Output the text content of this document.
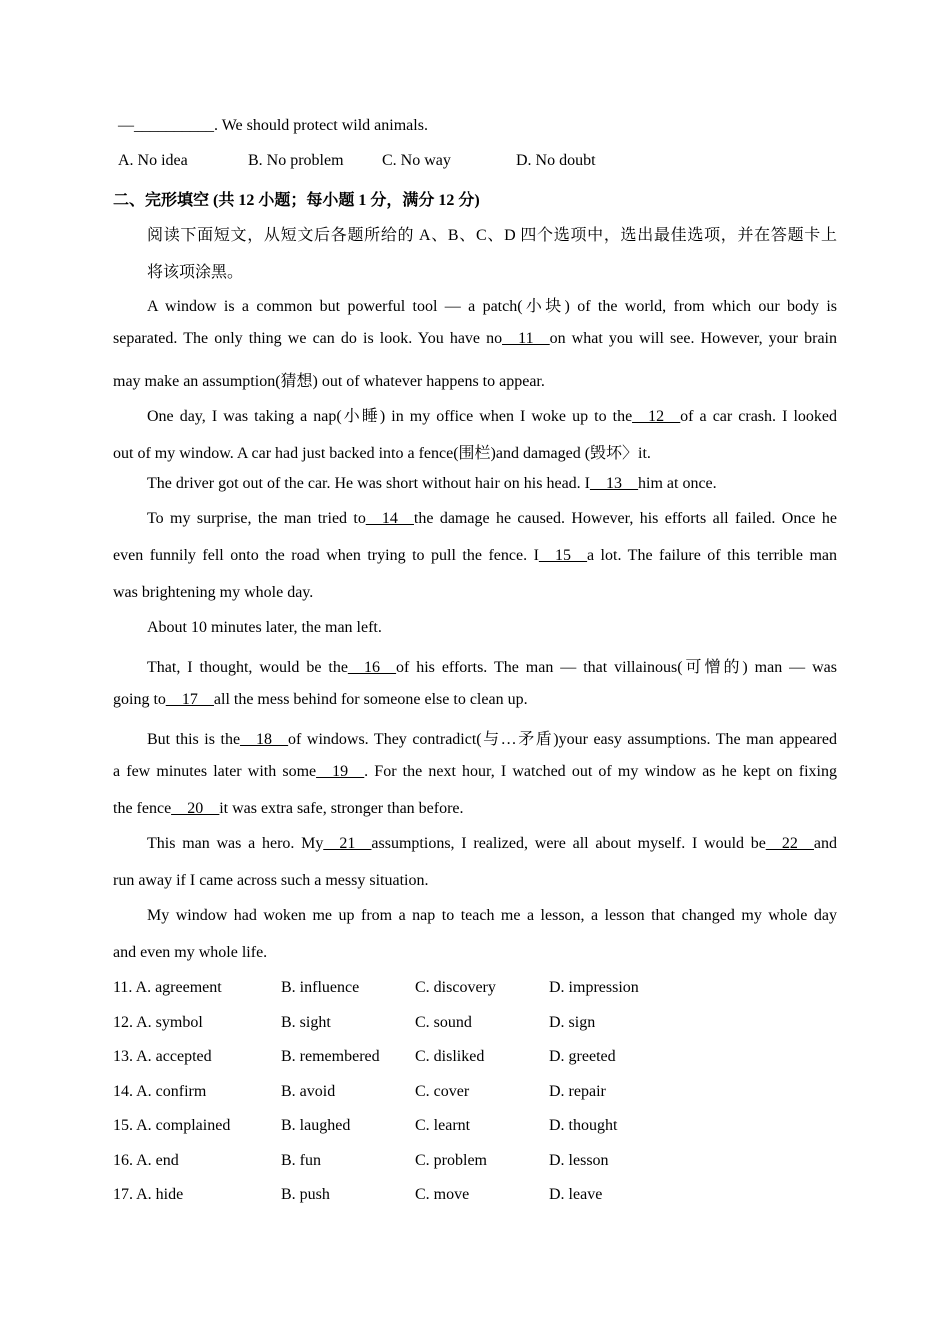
—__________. We should protect wild animals.
A. No idea	B. No problem C. No way	D. No doubt
二、完形填空 (共 12 小题；每小题 1 分，满分 12 分)
阅读下面短文，从短文后各题所给的 A、B、C、D 四个选项中，选出最佳选项，并在答题卡上
将该项涂黑。
A window is a common but powerful tool — a patch(小块) of the world, from which our body is
separated. The only thing we can do is look. You have no__11__on what you will see. However, your brain
may make an assumption(猜想) out of whatever happens to appear.
One day, I was taking a nap(小睡) in my office when I woke up to the__12__of a car crash. I looked
out of my window. A car had just backed into a fence(围栏)and damaged (毁坏〉it.
The driver got out of the car. He was short without hair on his head. I__13__him at once.
To my surprise, the man tried to__14__the damage he caused. However, his efforts all failed. Once he
even funnily fell onto the road when trying to pull the fence. I__15__a lot. The failure of this terrible man
was brightening my whole day.
About 10 minutes later, the man left.
That, I thought, would be the__16__of his efforts. The man — that villainous(可憎的) man — was
going to__17__all the mess behind for someone else to clean up.
But this is the__18__of windows. They contradict(与…矛盾)your easy assumptions. The man appeared
a few minutes later with some__19__. For the next hour, I watched out of my window as he kept on fixing
the fence__20__it was extra safe, stronger than before.
This man was a hero. My__21__assumptions, I realized, were all about myself. I would be__22__and
run away if I came across such a messy situation.
My window had woken me up from a nap to teach me a lesson, a lesson that changed my whole day
and even my whole life.
11. A. agreement	B. influence	C. discovery	D. impression
12. A. symbol	B. sight	C. sound	D. sign
13. A. accepted	B. remembered C. disliked	D. greeted
14. A. confirm	B. avoid	C. cover	D. repair
15. A. complained	B. laughed	C. learnt	D. thought
16. A. end	B. fun	C. problem	D. lesson
17. A. hide	B. push	C. move	D. leave
